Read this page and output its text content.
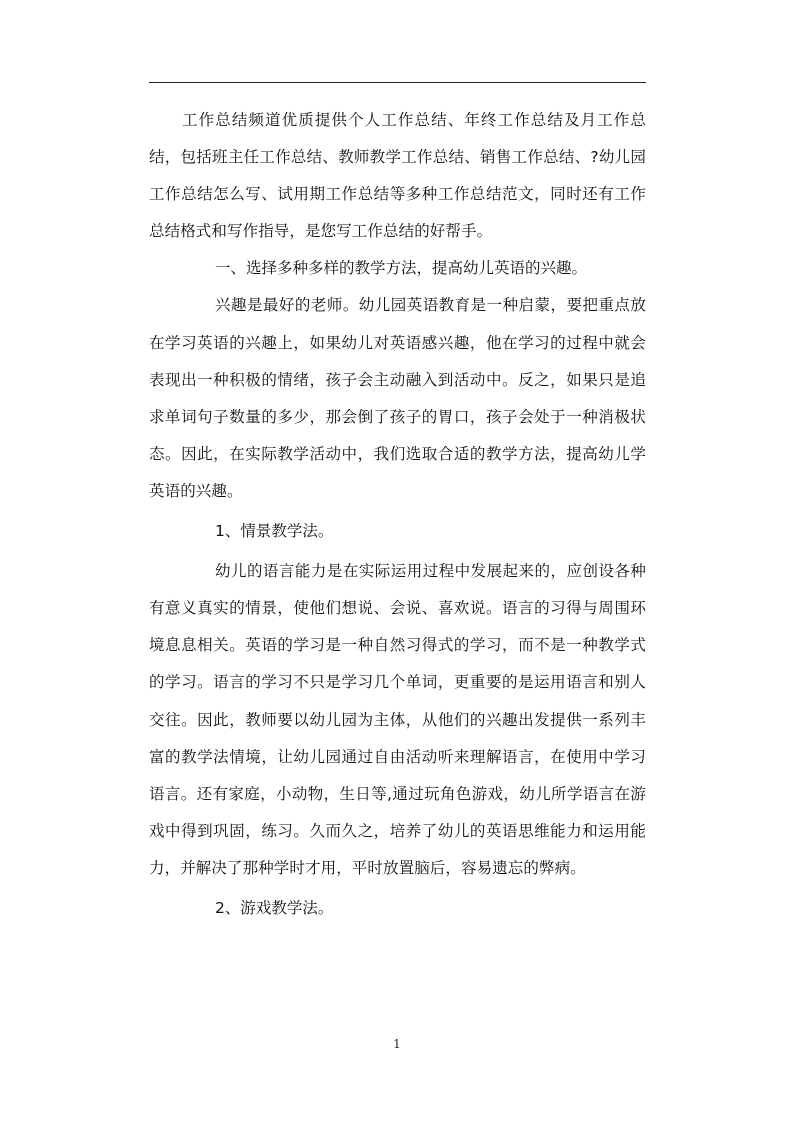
工作总结频道优质提供个人工作总结、年终工作总结及月工作总结，包括班主任工作总结、教师教学工作总结、销售工作总结、?幼儿园工作总结怎么写、试用期工作总结等多种工作总结范文，同时还有工作总结格式和写作指导，是您写工作总结的好帮手。

一、选择多种多样的教学方法，提高幼儿英语的兴趣。

兴趣是最好的老师。幼儿园英语教育是一种启蒙，要把重点放在学习英语的兴趣上，如果幼儿对英语感兴趣，他在学习的过程中就会表现出一种积极的情绪，孩子会主动融入到活动中。反之，如果只是追求单词句子数量的多少，那会倒了孩子的胃口，孩子会处于一种消极状态。因此，在实际教学活动中，我们选取合适的教学方法，提高幼儿学英语的兴趣。

1、情景教学法。

幼儿的语言能力是在实际运用过程中发展起来的，应创设各种有意义真实的情景，使他们想说、会说、喜欢说。语言的习得与周围环境息息相关。英语的学习是一种自然习得式的学习，而不是一种教学式的学习。语言的学习不只是学习几个单词，更重要的是运用语言和别人交往。因此，教师要以幼儿园为主体，从他们的兴趣出发提供一系列丰富的教学法情境，让幼儿园通过自由活动听来理解语言，在使用中学习语言。还有家庭，小动物，生日等,通过玩角色游戏，幼儿所学语言在游戏中得到巩固，练习。久而久之，培养了幼儿的英语思维能力和运用能力，并解决了那种学时才用，平时放置脑后，容易遗忘的弊病。

2、游戏教学法。

1
